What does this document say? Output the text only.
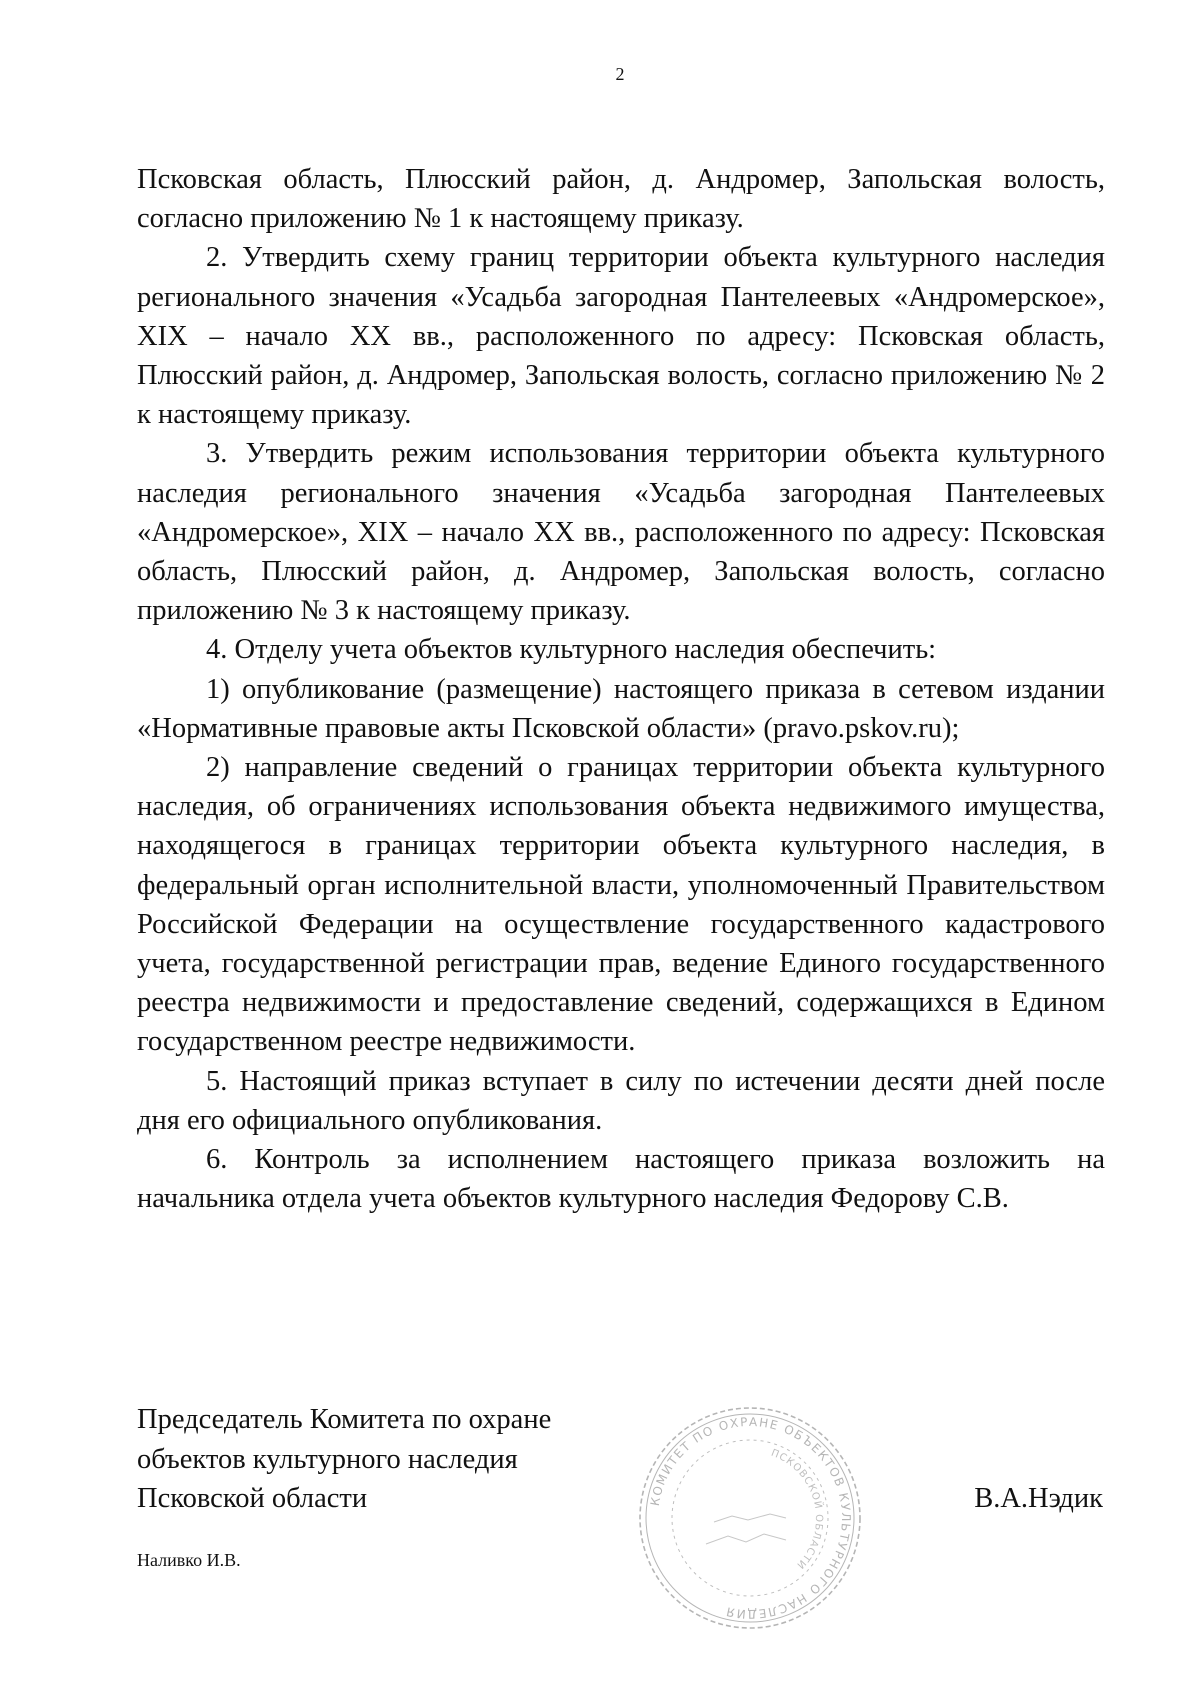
2

Псковская область, Плюсский район, д. Андромер, Запольская волость, согласно приложению № 1 к настоящему приказу.

2. Утвердить схему границ территории объекта культурного наследия регионального значения «Усадьба загородная Пантелеевых «Андромерское», XIX – начало XX вв., расположенного по адресу: Псковская область, Плюсский район, д. Андромер, Запольская волость, согласно приложению № 2 к настоящему приказу.

3. Утвердить режим использования территории объекта культурного наследия регионального значения «Усадьба загородная Пантелеевых «Андромерское», XIX – начало XX вв., расположенного по адресу: Псковская область, Плюсский район, д. Андромер, Запольская волость, согласно приложению № 3 к настоящему приказу.

4. Отделу учета объектов культурного наследия обеспечить:

1) опубликование (размещение) настоящего приказа в сетевом издании «Нормативные правовые акты Псковской области» (pravo.pskov.ru);

2) направление сведений о границах территории объекта культурного наследия, об ограничениях использования объекта недвижимого имущества, находящегося в границах территории объекта культурного наследия, в федеральный орган исполнительной власти, уполномоченный Правительством Российской Федерации на осуществление государственного кадастрового учета, государственной регистрации прав, ведение Единого государственного реестра недвижимости и предоставление сведений, содержащихся в Едином государственном реестре недвижимости.

5. Настоящий приказ вступает в силу по истечении десяти дней после дня его официального опубликования.

6. Контроль за исполнением настоящего приказа возложить на начальника отдела учета объектов культурного наследия Федорову С.В.

КОМИТЕТ ПО ОХРАНЕ ОБЪЕКТОВ КУЛЬТУРНОГО НАСЛЕДИЯ
ПСКОВСКОЙ ОБЛАСТИ
Председатель Комитета по охране
объектов культурного наследия
Псковской области	В.А.Нэдик
Наливко И.В.
